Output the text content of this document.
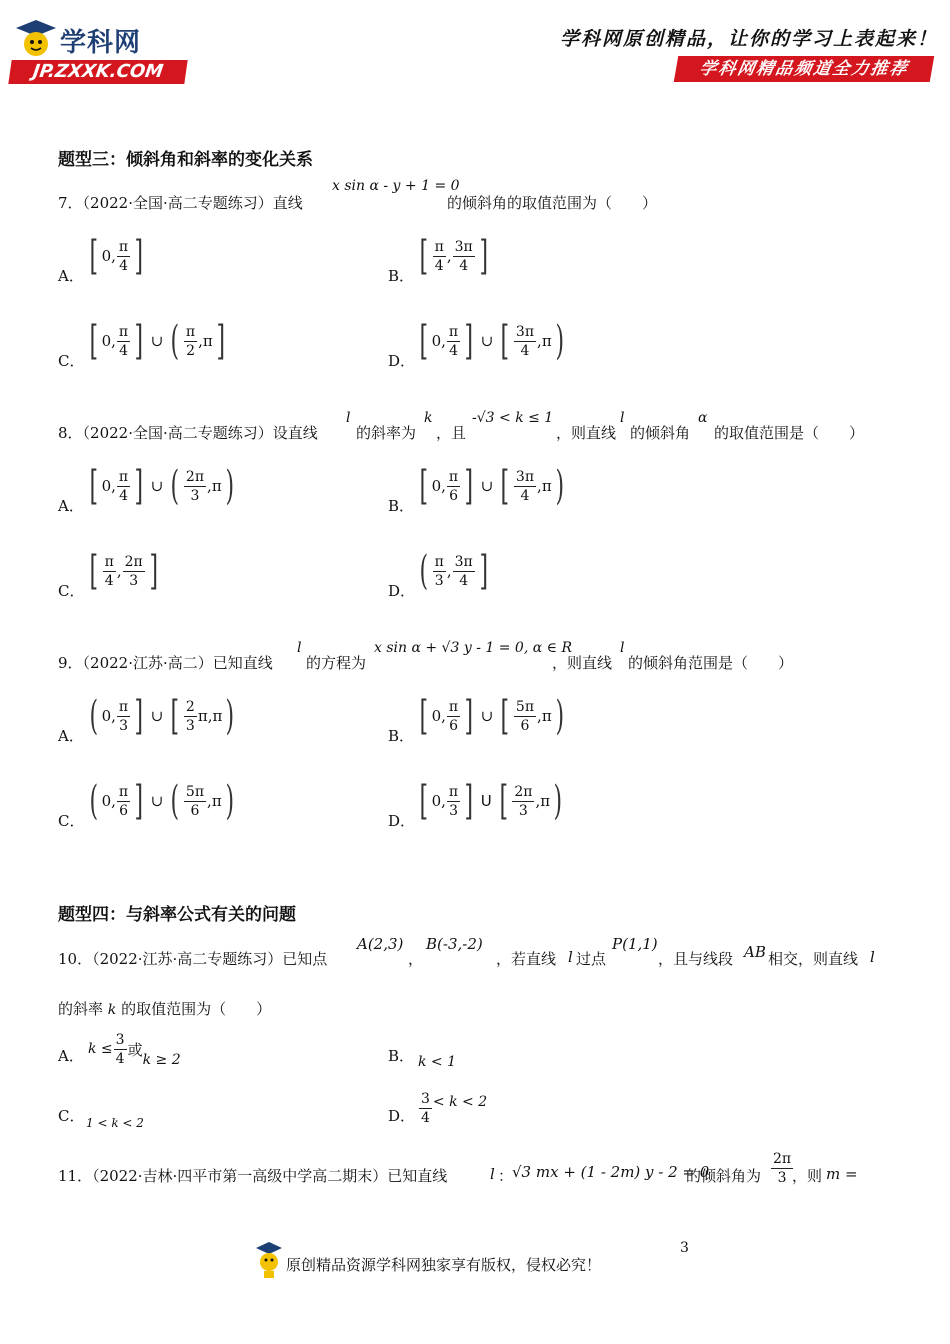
学科网
JP.ZXXK.COM
学科网原创精品，让你的学习上表起来！
学科网精品频道全力推荐
题型三：倾斜角和斜率的变化关系
7．（2022·全国·高二专题练习）直线
x sin α - y + 1 = 0
的倾斜角的取值范围为（　　）
A． [ 0, $\frac{\pi}{4}$ ]	B． [ $\frac{\pi}{4}$ , $\frac{3\pi}{4}$ ]
C． [ 0, $\frac{\pi}{4}$ ] ∪ ( $\frac{\pi}{2}$ , π ]	D． [ 0, $\frac{\pi}{4}$ ] ∪ [ $\frac{3\pi}{4}$ , π )
8．（2022·全国·高二专题练习）设直线
l
的斜率为
k
，且
-√3 < k ≤ 1
，则直线
l
的倾斜角
α
的取值范围是（　　）
A． [ 0, $\frac{\pi}{4}$ ] ∪ ( $\frac{2\pi}{3}$ , π )	B． [ 0, $\frac{\pi}{6}$ ] ∪ [ $\frac{3\pi}{4}$ , π )
C． [ $\frac{\pi}{4}$ , $\frac{2\pi}{3}$ ]	D． ( $\frac{\pi}{3}$ , $\frac{3\pi}{4}$ ]
9．（2022·江苏·高二）已知直线
l
的方程为
x sin α + √3 y - 1 = 0, α ∈ R
，则直线
l
的倾斜角范围是（　　）
A． ( 0, $\frac{\pi}{3}$ ] ∪ [ $\frac{2}{3} \pi,\pi$ )	B． [ 0, $\frac{\pi}{6}$ ] ∪ [ $\frac{5\pi}{6}$ , π )
C． ( 0, $\frac{\pi}{6}$ ] ∪ ( $\frac{5\pi}{6}$ , π )	D． [ 0, $\frac{\pi}{3}$ ] U [ $\frac{2\pi}{3}$ , π )
题型四：与斜率公式有关的问题
10．（2022·江苏·高二专题练习）已知点
A(2,3)
，
B(-3,-2)
，若直线 l 过点
P(1,1)
，且与线段 AB 相交，则直线 l
的斜率 k 的取值范围为（　　）
A． $k \le \frac{3}{4}$ 或
k ≥ 2	B． k < 1
C． 1 < k < 2	D． $\frac{3}{4} < k < 2$
11．（2022·吉林·四平市第一高级中学高二期末）已知直线	l ：
√3 mx + (1 - 2m) y - 2 = 0
的倾斜角为 $\frac{2\pi}{3}$
，则 m =
3
原创精品资源学科网独家享有版权，侵权必究！
